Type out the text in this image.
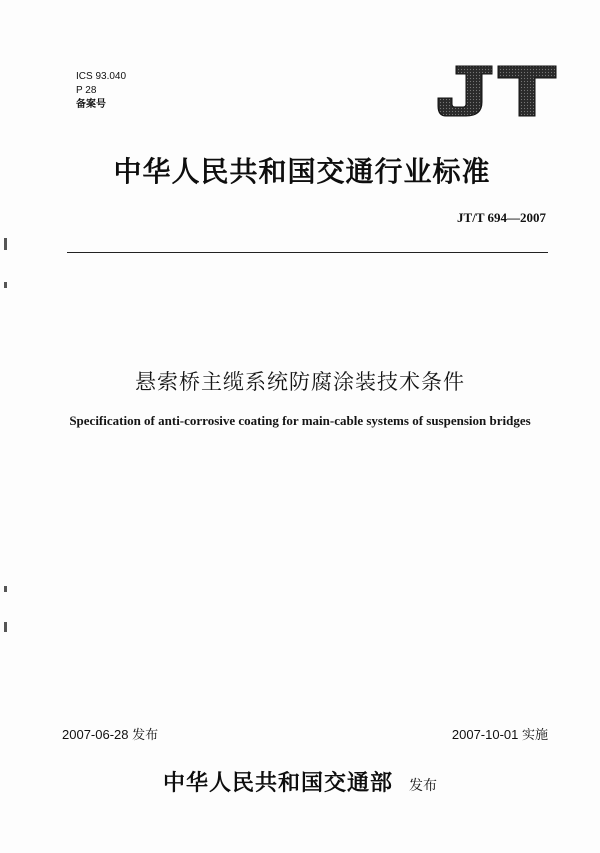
ICS 93.040
P 28
备案号
中华人民共和国交通行业标准
JT/T 694—2007
悬索桥主缆系统防腐涂装技术条件
Specification of anti-corrosive coating for main-cable systems of suspension bridges
2007-06-28 发布	2007-10-01 实施
中华人民共和国交通部 发布
